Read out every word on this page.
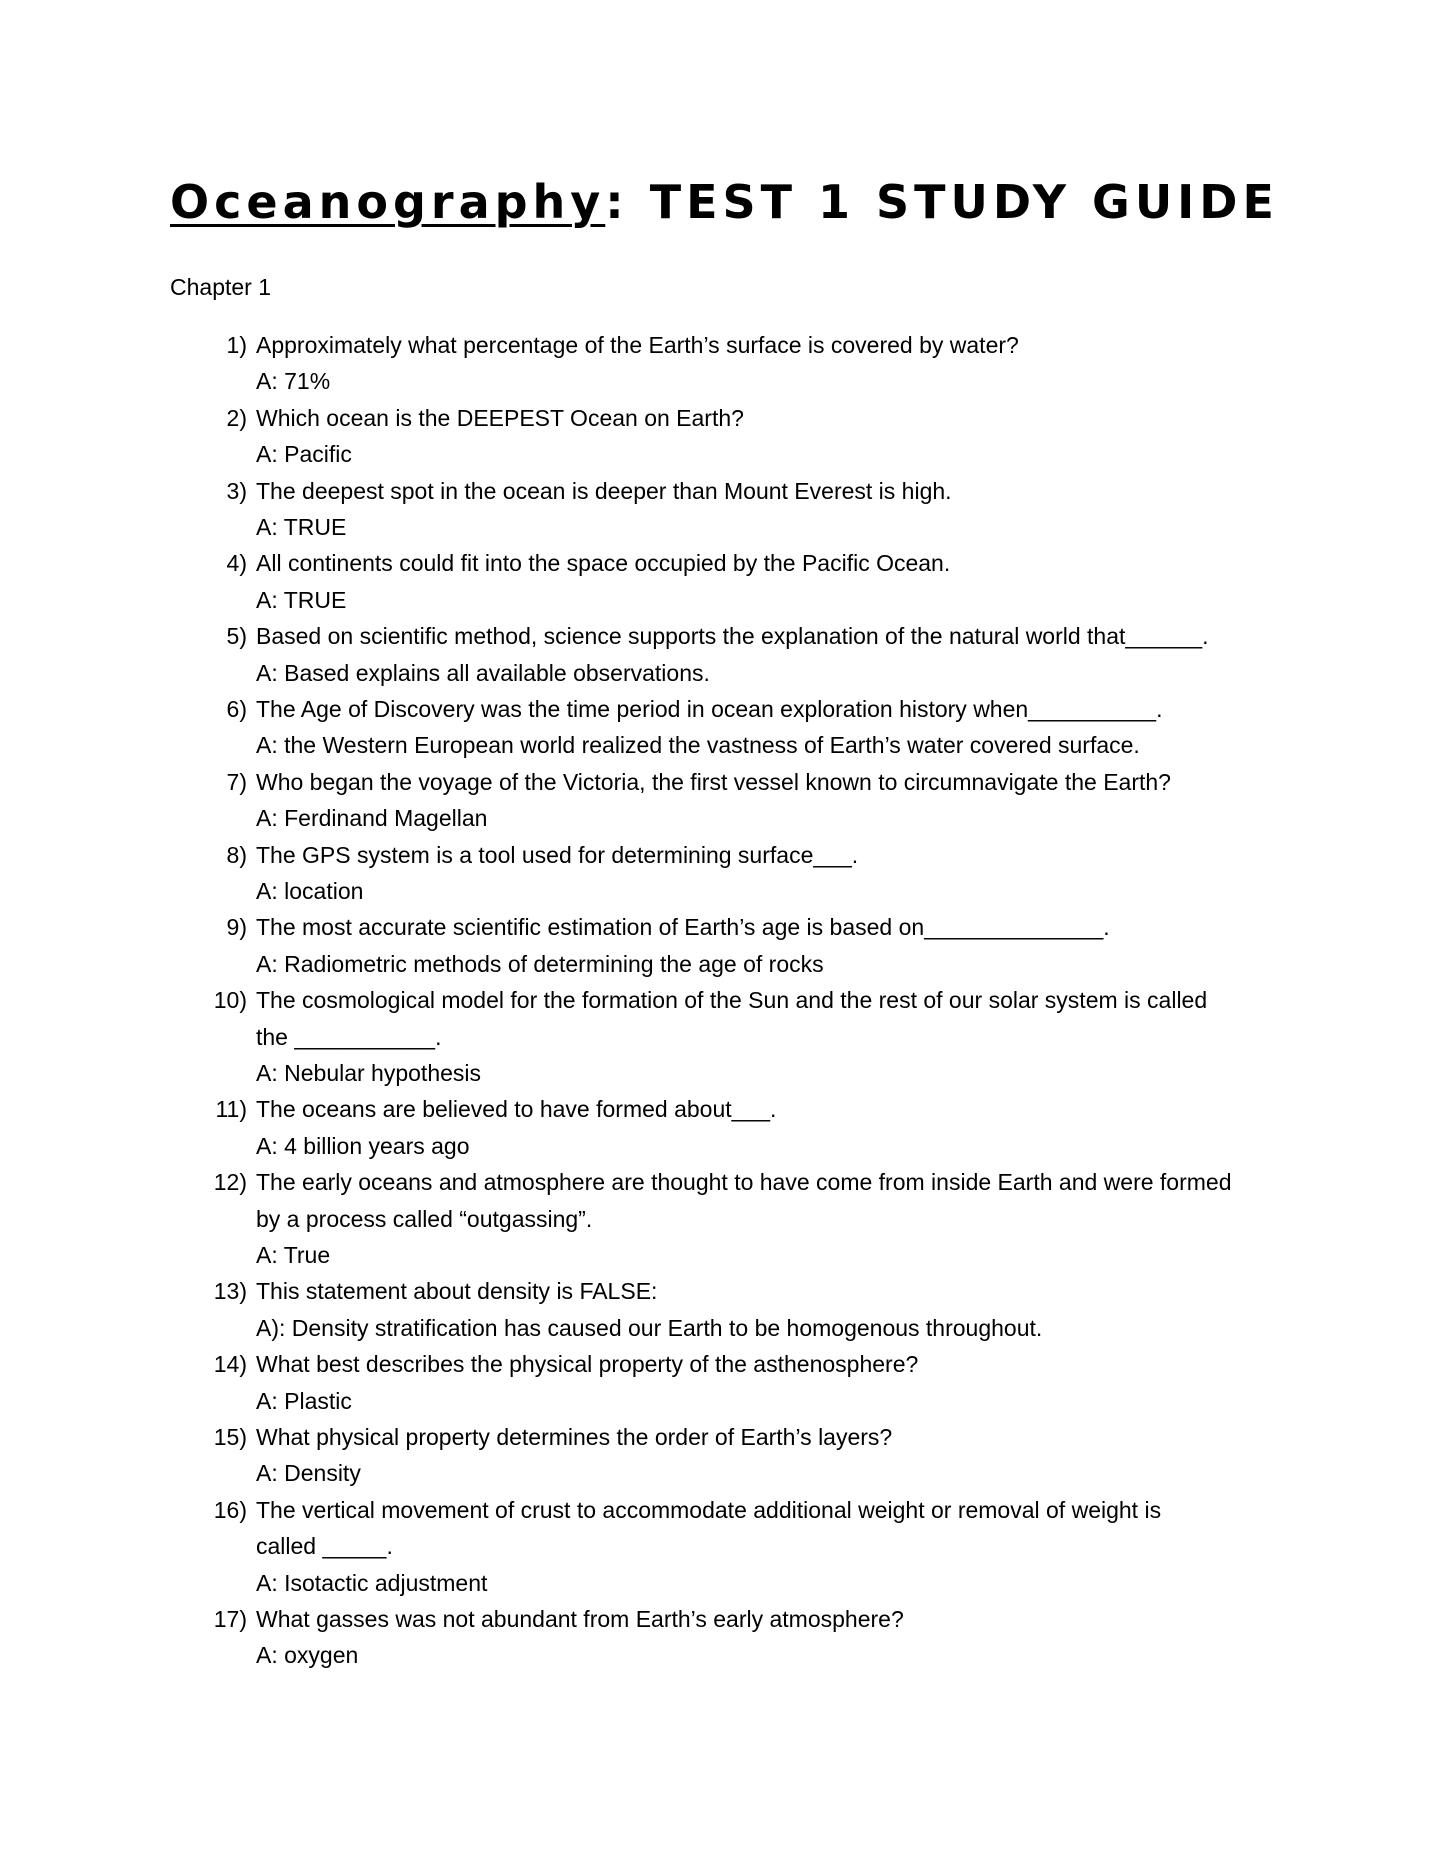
Oceanography: TEST 1 STUDY GUIDE
Chapter 1
1) Approximately what percentage of the Earth’s surface is covered by water?
A: 71%
2) Which ocean is the DEEPEST Ocean on Earth?
A: Pacific
3) The deepest spot in the ocean is deeper than Mount Everest is high.
A: TRUE
4) All continents could fit into the space occupied by the Pacific Ocean.
A: TRUE
5) Based on scientific method, science supports the explanation of the natural world that______.
A: Based explains all available observations.
6) The Age of Discovery was the time period in ocean exploration history when__________.
A: the Western European world realized the vastness of Earth’s water covered surface.
7) Who began the voyage of the Victoria, the first vessel known to circumnavigate the Earth?
A: Ferdinand Magellan
8) The GPS system is a tool used for determining surface___.
A: location
9) The most accurate scientific estimation of Earth’s age is based on______________.
A: Radiometric methods of determining the age of rocks
10) The cosmological model for the formation of the Sun and the rest of our solar system is called
the ___________.
A: Nebular hypothesis
11) The oceans are believed to have formed about___.
A: 4 billion years ago
12) The early oceans and atmosphere are thought to have come from inside Earth and were formed
by a process called “outgassing”.
A: True
13) This statement about density is FALSE:
A): Density stratification has caused our Earth to be homogenous throughout.
14) What best describes the physical property of the asthenosphere?
A: Plastic
15) What physical property determines the order of Earth’s layers?
A: Density
16) The vertical movement of crust to accommodate additional weight or removal of weight is
called _____.
A: Isotactic adjustment
17) What gasses was not abundant from Earth’s early atmosphere?
A: oxygen
